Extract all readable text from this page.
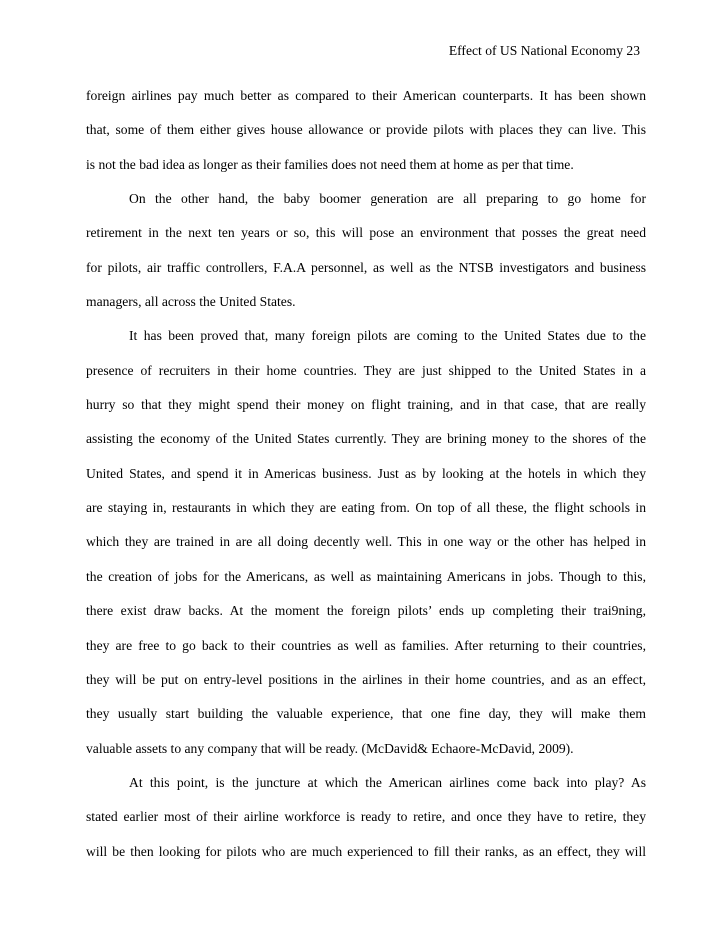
Effect of US National Economy 23
foreign airlines pay much better as compared to their American counterparts. It has been shown
that, some of them either gives house allowance or provide pilots with places they can live. This
is not the bad idea as longer as their families does not need them at home as per that time.
On the other hand, the baby boomer generation are all preparing to go home for
retirement in the next ten years or so, this will pose an environment that posses the great need
for pilots, air traffic controllers, F.A.A personnel, as well as the NTSB investigators and business
managers, all across the United States.
It has been proved that, many foreign pilots are coming to the United States due to the
presence of recruiters in their home countries. They are just shipped to the United States in a
hurry so that they might spend their money on flight training, and in that case, that are really
assisting the economy of the United States currently. They are brining money to the shores of the
United States, and spend it in Americas business. Just as by looking at the hotels in which they
are staying in, restaurants in which they are eating from. On top of all these, the flight schools in
which they are trained in are all doing decently well. This in one way or the other has helped in
the creation of jobs for the Americans, as well as maintaining Americans in jobs. Though to this,
there exist draw backs. At the moment the foreign pilots’ ends up completing their trai9ning,
they are free to go back to their countries as well as families. After returning to their countries,
they will be put on entry-level positions in the airlines in their home countries, and as an effect,
they usually start building the valuable experience, that one fine day, they will make them
valuable assets to any company that will be ready. (McDavid& Echaore-McDavid, 2009).
At this point, is the juncture at which the American airlines come back into play? As
stated earlier most of their airline workforce is ready to retire, and once they have to retire, they
will be then looking for pilots who are much experienced to fill their ranks, as an effect, they will
